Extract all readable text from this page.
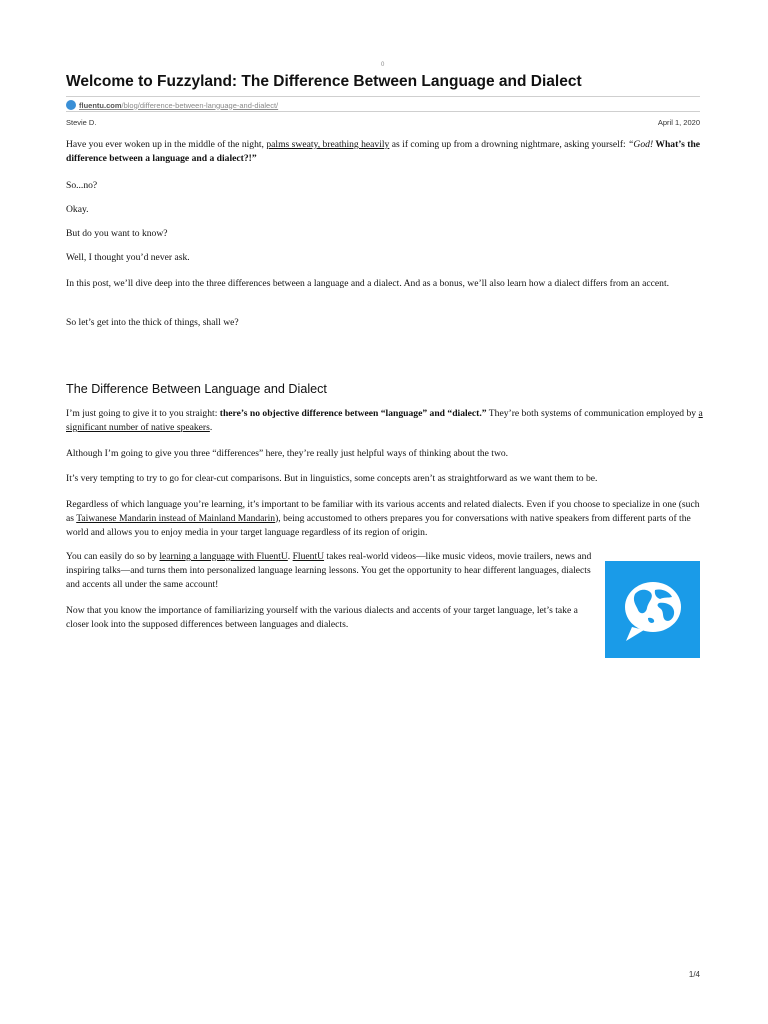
0
Welcome to Fuzzyland: The Difference Between Language and Dialect
fluentu.com/blog/difference-between-language-and-dialect/
Stevie D.	April 1, 2020

Have you ever woken up in the middle of the night, palms sweaty, breathing heavily as if coming up from a drowning nightmare, asking yourself: “God! What’s the difference between a language and a dialect?!”

So...no?

Okay.

But do you want to know?

Well, I thought you’d never ask.

In this post, we’ll dive deep into the three differences between a language and a dialect. And as a bonus, we’ll also learn how a dialect differs from an accent.

So let’s get into the thick of things, shall we?

The Difference Between Language and Dialect

I’m just going to give it to you straight: there’s no objective difference between “language” and “dialect.” They’re both systems of communication employed by a significant number of native speakers.

Although I’m going to give you three “differences” here, they’re really just helpful ways of thinking about the two.

It’s very tempting to try to go for clear-cut comparisons. But in linguistics, some concepts aren’t as straightforward as we want them to be.

Regardless of which language you’re learning, it’s important to be familiar with its various accents and related dialects. Even if you choose to specialize in one (such as Taiwanese Mandarin instead of Mainland Mandarin), being accustomed to others prepares you for conversations with native speakers from different parts of the world and allows you to enjoy media in your target language regardless of its region of origin.

You can easily do so by learning a language with FluentU. FluentU takes real-world videos—like music videos, movie trailers, news and inspiring talks—and turns them into personalized language learning lessons. You get the opportunity to hear different languages, dialects and accents all under the same account!

Now that you know the importance of familiarizing yourself with the various dialects and accents of your target language, let’s take a closer look into the supposed differences between languages and dialects.

1/4
